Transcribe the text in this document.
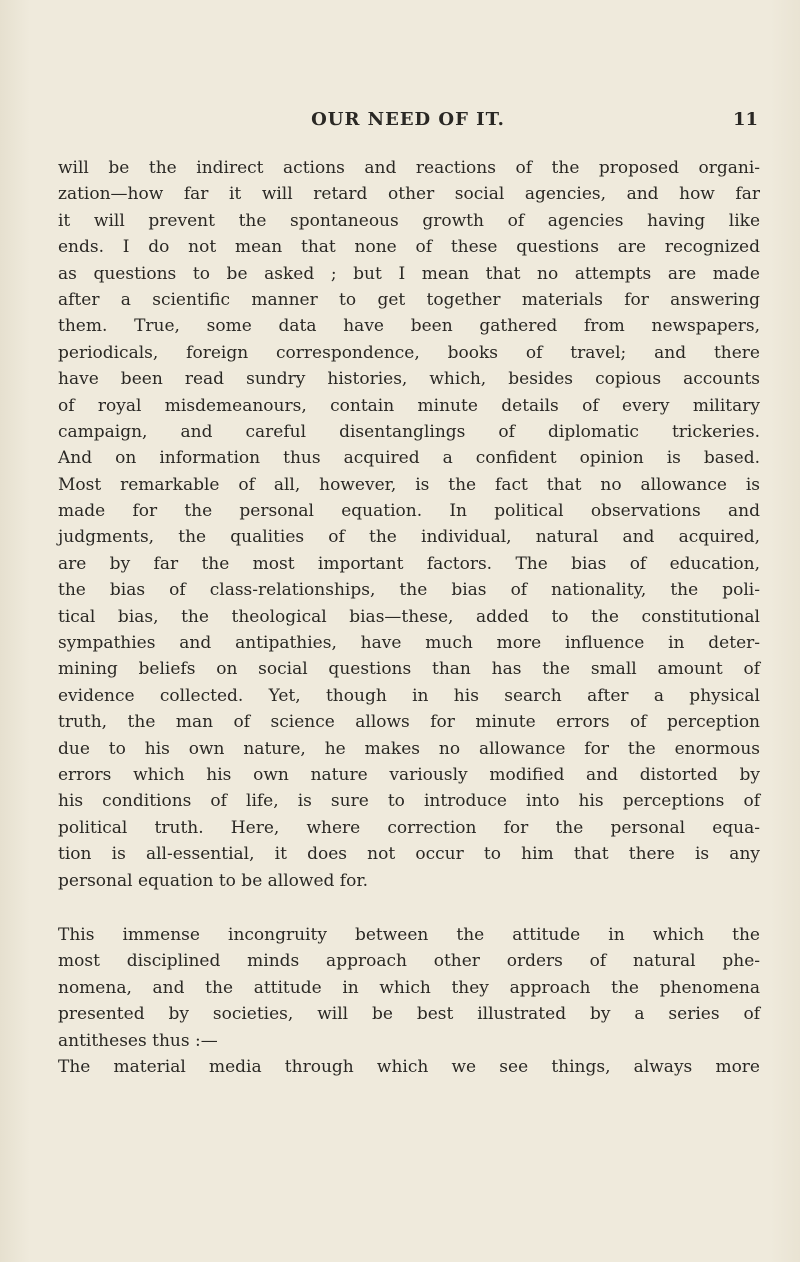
OUR NEED OF IT.	11
will be the indirect actions and reactions of the proposed organi-
zation—how far it will retard other social agencies, and how far
it will prevent the spontaneous growth of agencies having like
ends. I do not mean that none of these questions are recognized
as questions to be asked ; but I mean that no attempts are made
after a scientific manner to get together materials for answering
them. True, some data have been gathered from newspapers,
periodicals, foreign correspondence, books of travel; and there
have been read sundry histories, which, besides copious accounts
of royal misdemeanours, contain minute details of every military
campaign, and careful disentanglings of diplomatic trickeries.
And on information thus acquired a confident opinion is based.
Most remarkable of all, however, is the fact that no allowance is
made for the personal equation. In political observations and
judgments, the qualities of the individual, natural and acquired,
are by far the most important factors. The bias of education,
the bias of class-relationships, the bias of nationality, the poli-
tical bias, the theological bias—these, added to the constitutional
sympathies and antipathies, have much more influence in deter-
mining beliefs on social questions than has the small amount of
evidence collected. Yet, though in his search after a physical
truth, the man of science allows for minute errors of perception
due to his own nature, he makes no allowance for the enormous
errors which his own nature variously modified and distorted by
his conditions of life, is sure to introduce into his perceptions of
political truth. Here, where correction for the personal equa-
tion is all-essential, it does not occur to him that there is any
personal equation to be allowed for.
This immense incongruity between the attitude in which the
most disciplined minds approach other orders of natural phe-
nomena, and the attitude in which they approach the phenomena
presented by societies, will be best illustrated by a series of
antitheses thus :—
The material media through which we see things, always more
